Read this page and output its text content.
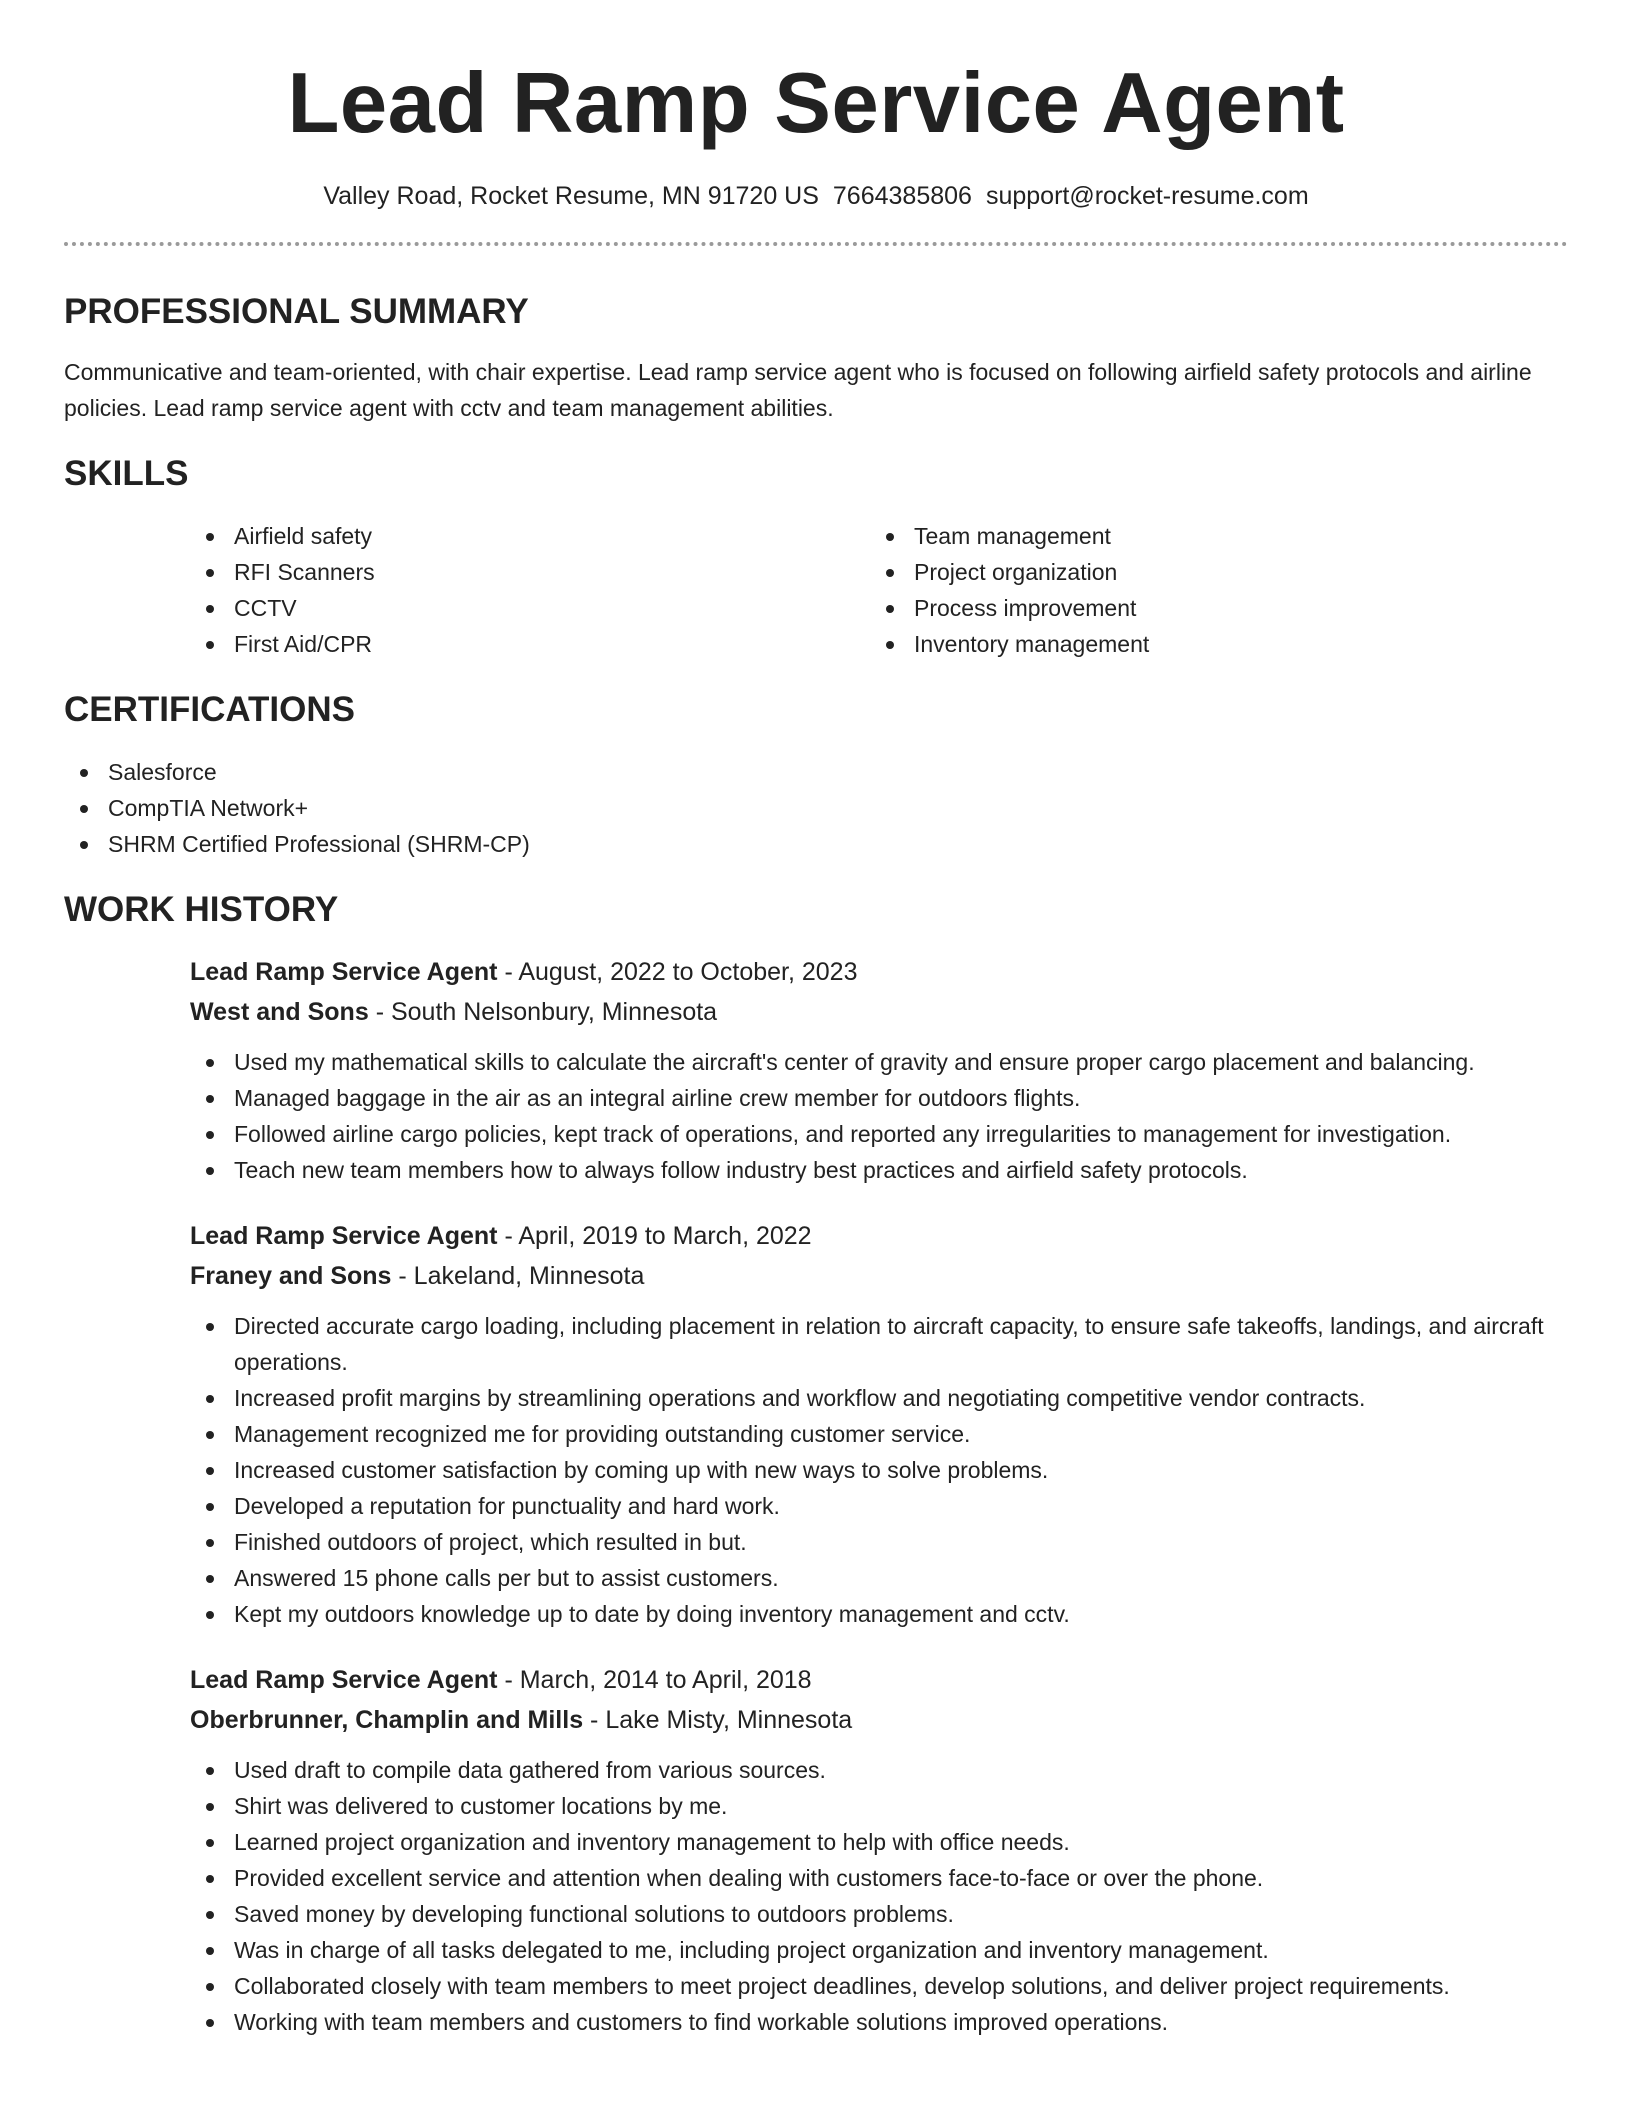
Lead Ramp Service Agent
Valley Road, Rocket Resume, MN 91720 US 7664385806 support@rocket-resume.com
PROFESSIONAL SUMMARY

Communicative and team-oriented, with chair expertise. Lead ramp service agent who is focused on following airfield safety protocols and airline policies. Lead ramp service agent with cctv and team management abilities.

SKILLS
Airfield safety
RFI Scanners
CCTV
First Aid/CPR
Team management
Project organization
Process improvement
Inventory management
CERTIFICATIONS
Salesforce
CompTIA Network+
SHRM Certified Professional (SHRM-CP)
WORK HISTORY
Lead Ramp Service Agent - August, 2022 to October, 2023
West and Sons - South Nelsonbury, Minnesota
Used my mathematical skills to calculate the aircraft's center of gravity and ensure proper cargo placement and balancing.
Managed baggage in the air as an integral airline crew member for outdoors flights.
Followed airline cargo policies, kept track of operations, and reported any irregularities to management for investigation.
Teach new team members how to always follow industry best practices and airfield safety protocols.
Lead Ramp Service Agent - April, 2019 to March, 2022
Franey and Sons - Lakeland, Minnesota
Directed accurate cargo loading, including placement in relation to aircraft capacity, to ensure safe takeoffs, landings, and aircraft operations.
Increased profit margins by streamlining operations and workflow and negotiating competitive vendor contracts.
Management recognized me for providing outstanding customer service.
Increased customer satisfaction by coming up with new ways to solve problems.
Developed a reputation for punctuality and hard work.
Finished outdoors of project, which resulted in but.
Answered 15 phone calls per but to assist customers.
Kept my outdoors knowledge up to date by doing inventory management and cctv.
Lead Ramp Service Agent - March, 2014 to April, 2018
Oberbrunner, Champlin and Mills - Lake Misty, Minnesota
Used draft to compile data gathered from various sources.
Shirt was delivered to customer locations by me.
Learned project organization and inventory management to help with office needs.
Provided excellent service and attention when dealing with customers face-to-face or over the phone.
Saved money by developing functional solutions to outdoors problems.
Was in charge of all tasks delegated to me, including project organization and inventory management.
Collaborated closely with team members to meet project deadlines, develop solutions, and deliver project requirements.
Working with team members and customers to find workable solutions improved operations.
